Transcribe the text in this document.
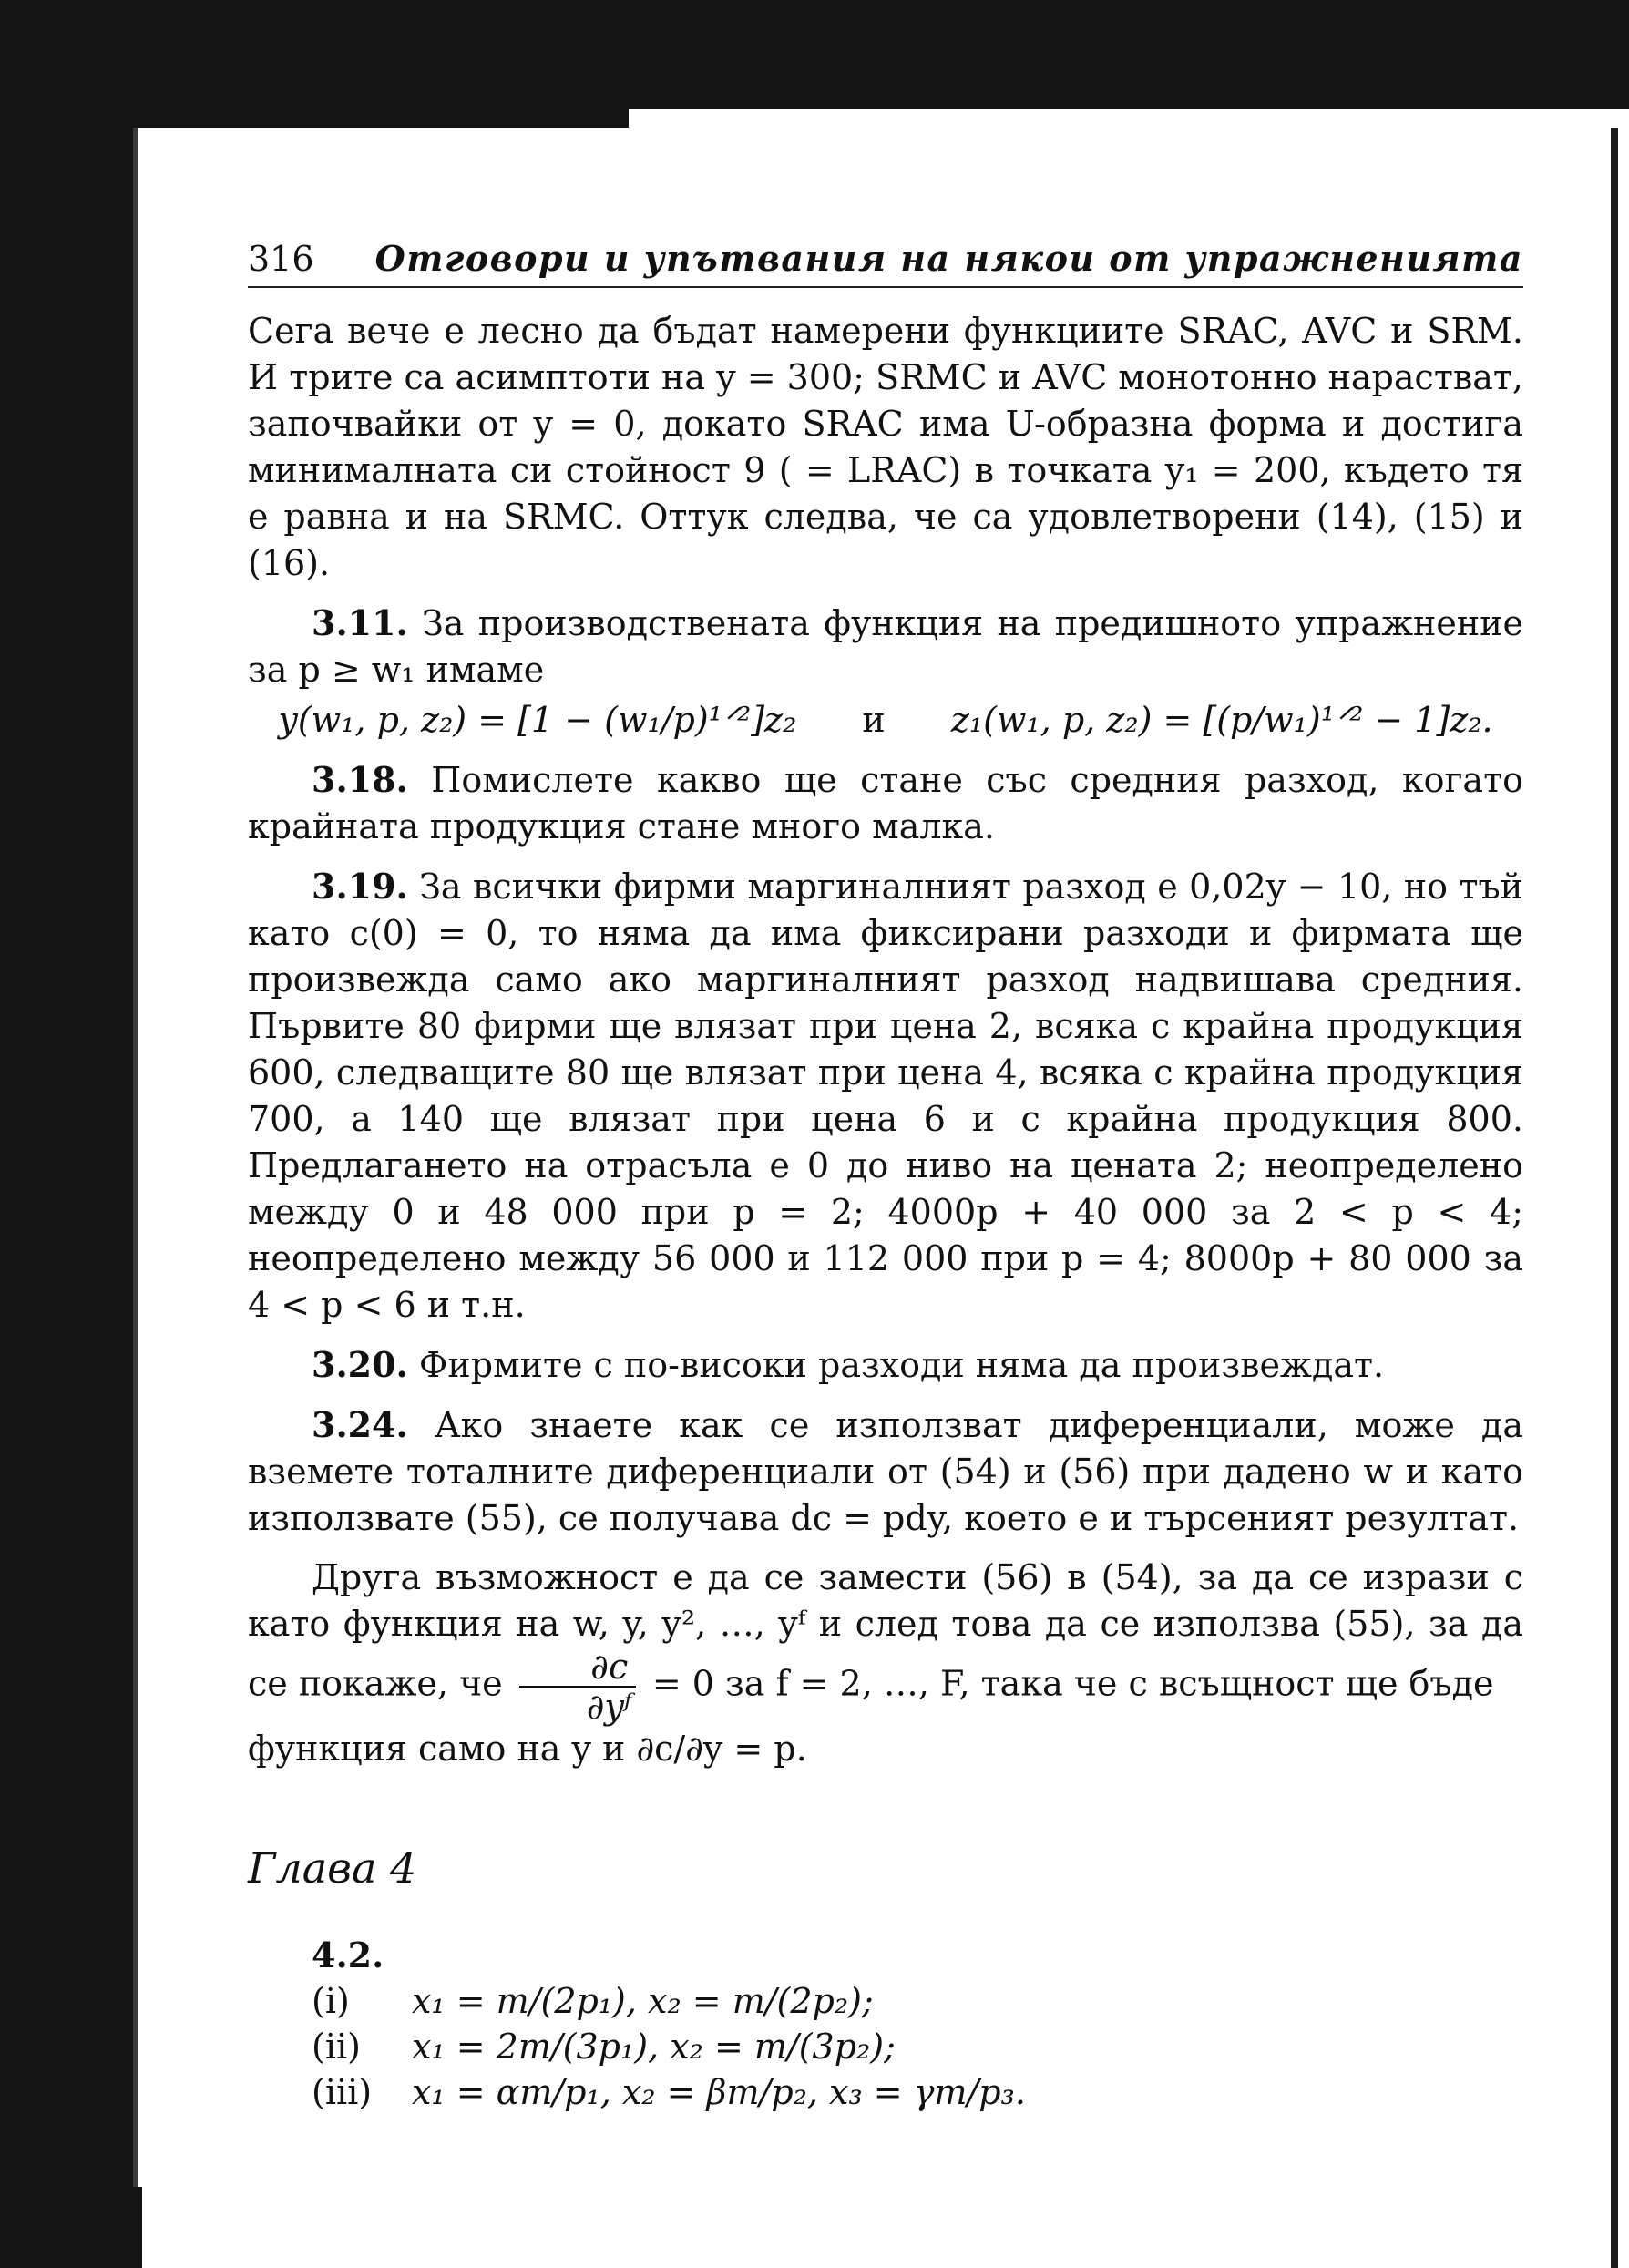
316 Отговори и упътвания на някои от упражненията

Сега вече е лесно да бъдат намерени функциите SRAC, AVC и SRM. И трите са асимптоти на y = 300; SRMC и AVC монотонно нарастват, започвайки от y = 0, докато SRAC има U-образна форма и достига минималната си стойност 9 ( = LRAC) в точката y₁ = 200, където тя е равна и на SRMC. Оттук следва, че са удовлетворени (14), (15) и (16).

3.11. За производствената функция на предишното упражнение за p ≥ w₁ имаме

y(w₁, p, z₂) = [1 − (w₁/p)¹ᐟ²]z₂ и z₁(w₁, p, z₂) = [(p/w₁)¹ᐟ² − 1]z₂.

3.18. Помислете какво ще стане със средния разход, когато крайната продукция стане много малка.

3.19. За всички фирми маргиналният разход е 0,02y − 10, но тъй като c(0) = 0, то няма да има фиксирани разходи и фирмата ще произвежда само ако маргиналният разход надвишава средния. Първите 80 фирми ще влязат при цена 2, всяка с крайна продукция 600, следващите 80 ще влязат при цена 4, всяка с крайна продукция 700, а 140 ще влязат при цена 6 и с крайна продукция 800. Предлагането на отрасъла е 0 до ниво на цената 2; неопределено между 0 и 48 000 при p = 2; 4000p + 40 000 за 2 < p < 4; неопределено между 56 000 и 112 000 при p = 4; 8000p + 80 000 за 4 < p < 6 и т.н.

3.20. Фирмите с по-високи разходи няма да произвеждат.

3.24. Ако знаете как се използват диференциали, може да вземете тоталните диференциали от (54) и (56) при дадено w и като използвате (55), се получава dc = pdy, което е и търсеният резултат.

Друга възможност е да се замести (56) в (54), за да се изрази c като функция на w, y, y², …, yᶠ и след това да се използва (55), за да се покаже, че $\frac{\partial c}{\text{∂yᶠ}} = 0$ за f = 2, …, F, така че c всъщност ще бъде

функция само на y и ∂c/∂y = p.

Глава 4
4.2.
(i)	x₁ = m/(2p₁), x₂ = m/(2p₂);
(ii)	x₁ = 2m/(3p₁), x₂ = m/(3p₂);
(iii)	x₁ = αm/p₁, x₂ = βm/p₂, x₃ = γm/p₃.
